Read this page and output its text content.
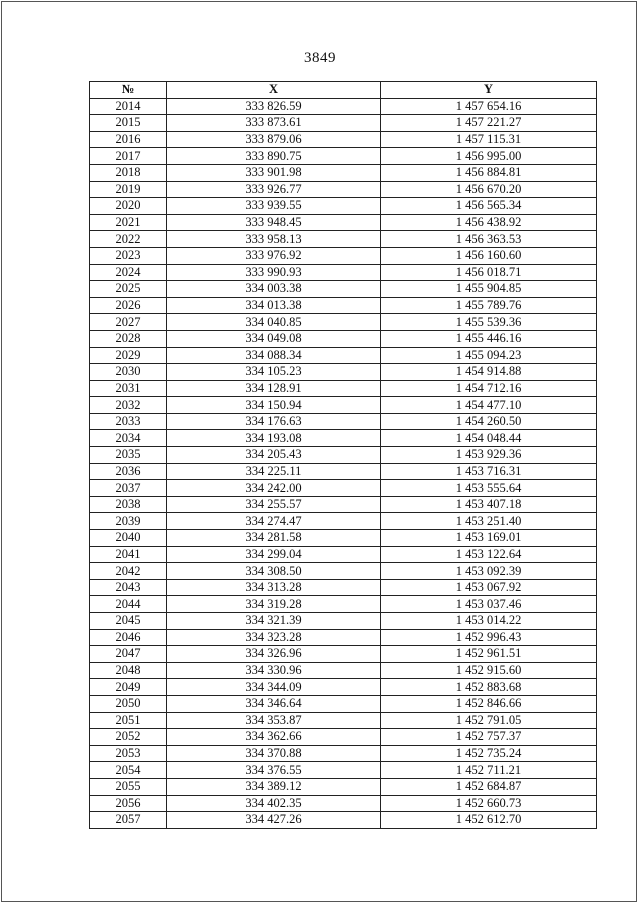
3849
№	X	Y
2014	333 826.59	1 457 654.16
2015	333 873.61	1 457 221.27
2016	333 879.06	1 457 115.31
2017	333 890.75	1 456 995.00
2018	333 901.98	1 456 884.81
2019	333 926.77	1 456 670.20
2020	333 939.55	1 456 565.34
2021	333 948.45	1 456 438.92
2022	333 958.13	1 456 363.53
2023	333 976.92	1 456 160.60
2024	333 990.93	1 456 018.71
2025	334 003.38	1 455 904.85
2026	334 013.38	1 455 789.76
2027	334 040.85	1 455 539.36
2028	334 049.08	1 455 446.16
2029	334 088.34	1 455 094.23
2030	334 105.23	1 454 914.88
2031	334 128.91	1 454 712.16
2032	334 150.94	1 454 477.10
2033	334 176.63	1 454 260.50
2034	334 193.08	1 454 048.44
2035	334 205.43	1 453 929.36
2036	334 225.11	1 453 716.31
2037	334 242.00	1 453 555.64
2038	334 255.57	1 453 407.18
2039	334 274.47	1 453 251.40
2040	334 281.58	1 453 169.01
2041	334 299.04	1 453 122.64
2042	334 308.50	1 453 092.39
2043	334 313.28	1 453 067.92
2044	334 319.28	1 453 037.46
2045	334 321.39	1 453 014.22
2046	334 323.28	1 452 996.43
2047	334 326.96	1 452 961.51
2048	334 330.96	1 452 915.60
2049	334 344.09	1 452 883.68
2050	334 346.64	1 452 846.66
2051	334 353.87	1 452 791.05
2052	334 362.66	1 452 757.37
2053	334 370.88	1 452 735.24
2054	334 376.55	1 452 711.21
2055	334 389.12	1 452 684.87
2056	334 402.35	1 452 660.73
2057	334 427.26	1 452 612.70
